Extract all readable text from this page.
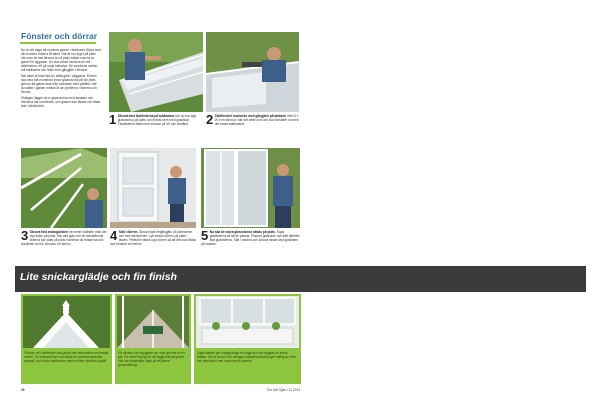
Fönster och dörrar

Nu är det dags att montera glasen i fasthuset. Börja med att montera rutorna till taket. Här är hur lugnt på plats när man du fast lärorna är på plats måste man ta av glaset för liggande. Du ska också montera de två takfönstren, ett på varje takhalva. De monteras mellan två takåsarna och fästs med gångjärn i fönstret.

När taket är klart ska du sätta glas i väggarna. Dörren ska vara rätt monterad innan glasrutorna på sin plats genom att glaset dras från nedsidan med plattlist. När du sätter i glasen mellan är de profilerna i listerna och fixeras.

Slutligen lägger du in glasrutorna med fasaden och dörrarna har monterats, och glasen kan fästas och tätas fast i takfönstret.

1 Skruva fast täcklisterna på takåsarna och du har lagt glasrutorna på plats och fixerat dem med glaslistar. Täcklisterna fästs med skruvar på 45 mm avstånd.	2 Takfönstret monteras med gångjärn på takåsen med 4 x 20 mm skruvar. När det sitter som det ska fortsätter du med det andra takfönstret.
3 Skruva fast anslagslisten tre meter sidlisten med det nya listen på plats. När alla glas och de sidostående listerna har satts på plats monterar du fönsterna och sidolisten av trä, skruvas vid behov.
4 Sätt i dörren. Skruva fast tregångjärn på dörrramen och mot dörrkarmen. Lyft sedan dörren på plats i fästen. Pelledörr tänks upp dörren så att den kan fällas mot fönstret vid behov.
5 Nu ska de stora glasrutorna sättas på plats. Kapa glaslisterna så att de passar. Placera glasrutan och sätt därefter fast glaslisterna. Sätt i rutorna och skruva sedan fast glaslisten på utsidan.
Lite snickarglädje och fin finish
Fönster och takfönster kan göras mer dekorativa med enkla medel. Till exempel kan man fästa en snickrad dekorlist ovanpå, och förse takfönstren med en liten fiskelina upptill.
Ett växthus blir snyggare om man ger det en fin yta. En enkel lösning är att lägga trall på golvet. Här har stenplattor lagts på ett jämnt grusunderlag.
Låga bäddar går snyggt längs en vägg och kan byggas av enkla brädor. Att ha krukor och odlingar ovanpå bänkarna ger odling av fröer och dessutom mer utrymme för plantor.
26	Gör Det Själv • 11 2014
